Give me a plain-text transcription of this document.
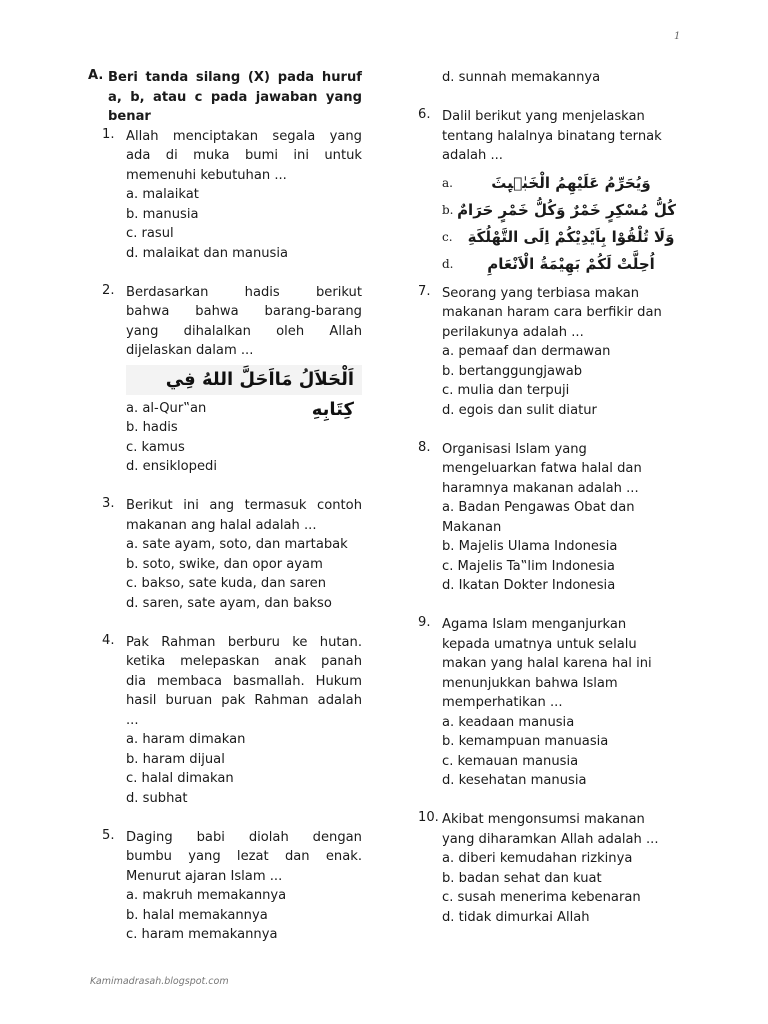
1
A. Beri tanda silang (X) pada huruf
a, b, atau c pada jawaban yang
benar
1. Allah menciptakan segala yang
ada di muka bumi ini untuk
memenuhi kebutuhan ...
a. malaikat
b. manusia
c. rasul
d. malaikat dan manusia
2. Berdasarkan hadis berikut
bahwa bahwa barang-barang
yang dihalalkan oleh Allah
dijelaskan dalam ...
اَلْحَلاَلُ مَااَحَلَّ اللهُ فِي كِتَابِهِ
a. al-Qur‟an
b. hadis
c. kamus
d. ensiklopedi
3. Berikut ini ang termasuk contoh
makanan ang halal adalah ...
a. sate ayam, soto, dan martabak
b. soto, swike, dan opor ayam
c. bakso, sate kuda, dan saren
d. saren, sate ayam, dan bakso
4. Pak Rahman berburu ke hutan.
ketika melepaskan anak panah
dia membaca basmallah. Hukum
hasil buruan pak Rahman adalah
...
a. haram dimakan
b. haram dijual
c. halal dimakan
d. subhat
5. Daging babi diolah dengan
bumbu yang lezat dan enak.
Menurut ajaran Islam ...
a. makruh memakannya
b. halal memakannya
c. haram memakannya
d. sunnah memakannya
6. Dalil berikut yang menjelaskan
tentang halalnya binatang ternak
adalah ...
a.	وَيُحَرِّمُ عَلَيْهِمُ الْخَبٰۤىِٕثَ
b. كُلُّ مُسْكِرٍ خَمْرٌ وَكُلُّ خَمْرٍ حَرَامٌ
c.	وَلَا تُلْقُوْا بِاَيْدِيْكُمْ اِلَى التَّهْلُكَةِ
d.	اُحِلَّتْ لَكُمْ بَهِيْمَةُ الْاَنْعَامِ
7. Seorang yang terbiasa makan
makanan haram cara berfikir dan
perilakunya adalah ...
a. pemaaf dan dermawan
b. bertanggungjawab
c. mulia dan terpuji
d. egois dan sulit diatur
8. Organisasi Islam yang
mengeluarkan fatwa halal dan
haramnya makanan adalah ...
a. Badan Pengawas Obat dan
Makanan
b. Majelis Ulama Indonesia
c. Majelis Ta‟lim Indonesia
d. Ikatan Dokter Indonesia
9. Agama Islam menganjurkan
kepada umatnya untuk selalu
makan yang halal karena hal ini
menunjukkan bahwa Islam
memperhatikan ...
a. keadaan manusia
b. kemampuan manuasia
c. kemauan manusia
d. kesehatan manusia
10. Akibat mengonsumsi makanan
yang diharamkan Allah adalah ...
a. diberi kemudahan rizkinya
b. badan sehat dan kuat
c. susah menerima kebenaran
d. tidak dimurkai Allah
Kamimadrasah.blogspot.com
